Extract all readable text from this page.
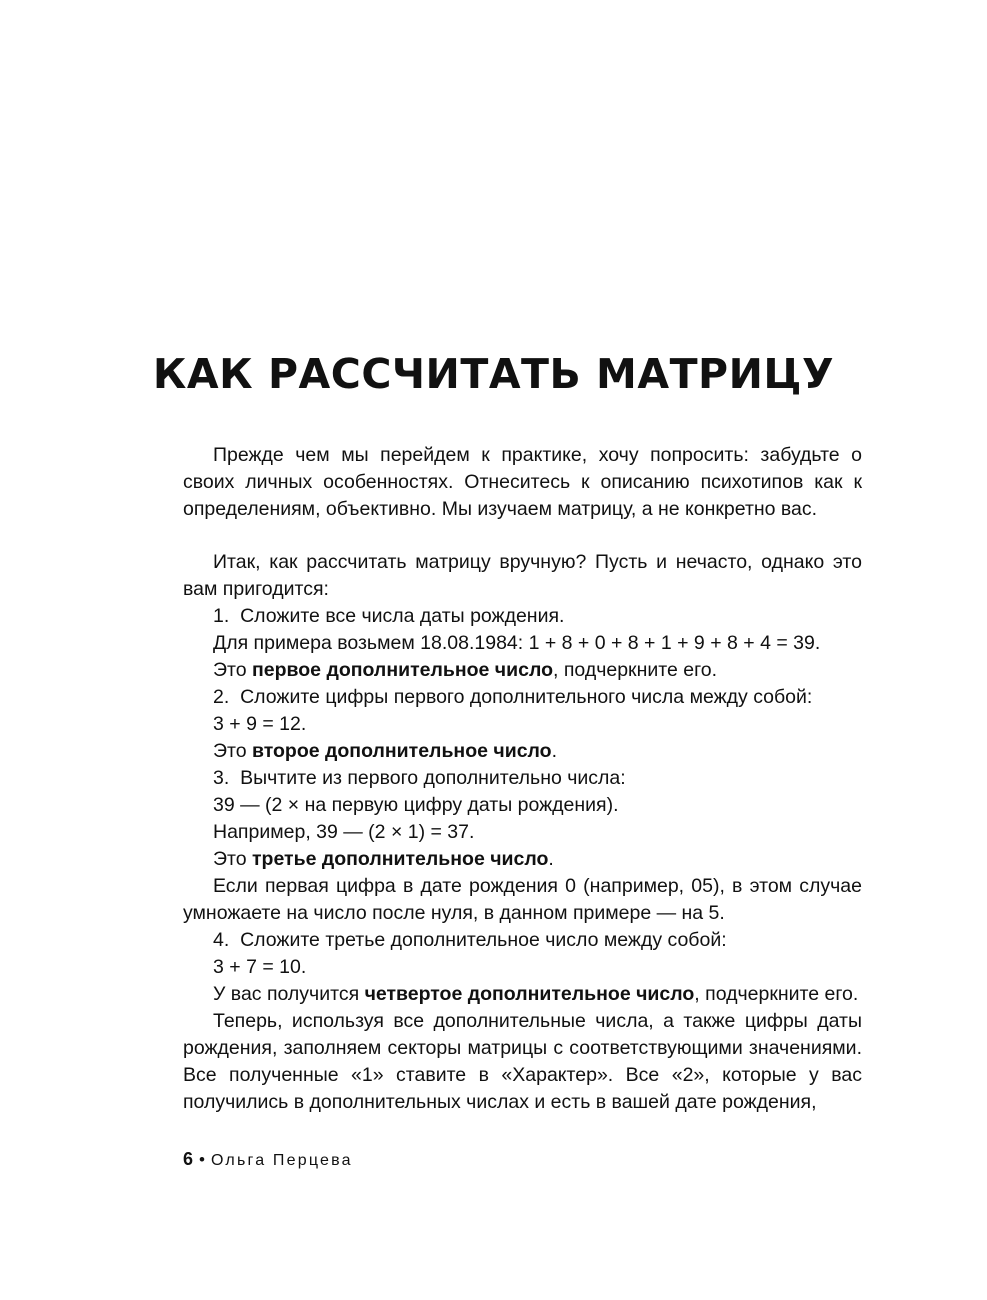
КАК РАССЧИТАТЬ МАТРИЦУ

Прежде чем мы перейдем к практике, хочу попросить: забудьте о своих личных особенностях. Отнеситесь к описанию психотипов как к определениям, объективно. Мы изучаем матрицу, а не конкретно вас.

Итак, как рассчитать матрицу вручную? Пусть и нечасто, однако это вам пригодится:

1.  Сложите все числа даты рождения.

Для примера возьмем 18.08.1984: 1 + 8 + 0 + 8 + 1 + 9 + 8 + 4 = 39.

Это первое дополнительное число, подчеркните его.

2.  Сложите цифры первого дополнительного числа между собой:

3 + 9 = 12.

Это второе дополнительное число.

3.  Вычтите из первого дополнительно числа:

39 — (2 × на первую цифру даты рождения).

Например, 39 — (2 × 1) = 37.

Это третье дополнительное число.

Если первая цифра в дате рождения 0 (например, 05), в этом случае умножаете на число после нуля, в данном примере — на 5.

4.  Сложите третье дополнительное число между собой:

3 + 7 = 10.

У вас получится четвертое дополнительное число, подчеркните его.

Теперь, используя все дополнительные числа, а также цифры даты рождения, заполняем секторы матрицы с соответствующими значениями. Все полученные «1» ставите в «Характер». Все «2», которые у вас получились в дополнительных числах и есть в вашей дате рождения,

6 • Ольга Перцева
